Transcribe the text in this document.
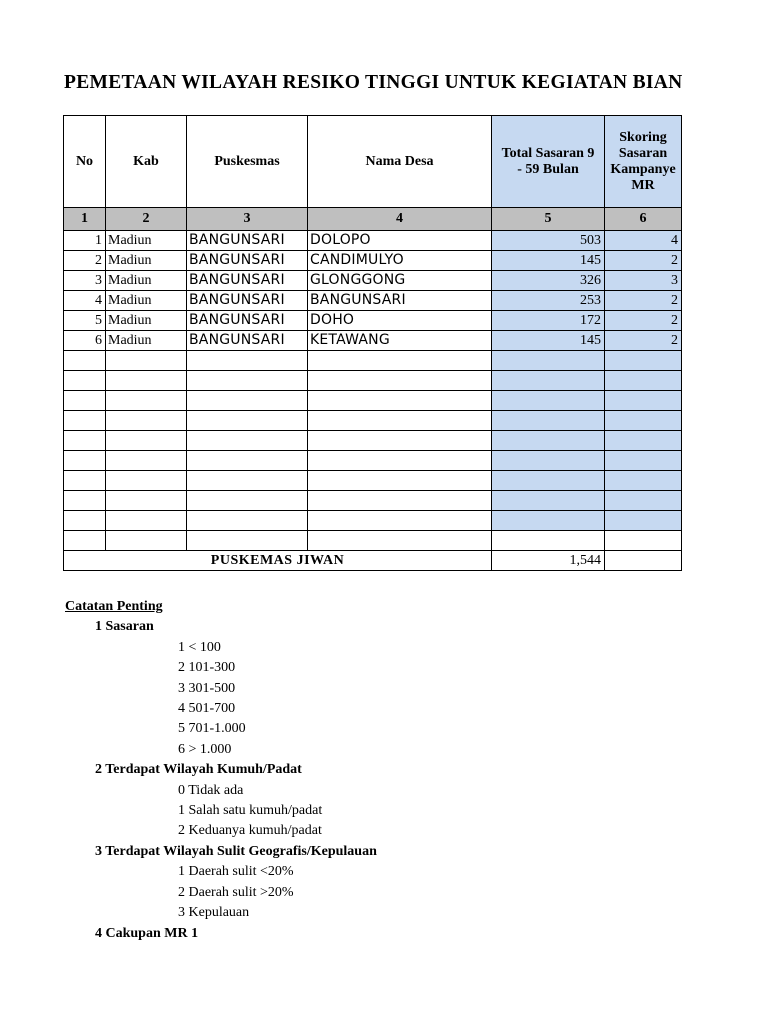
PEMETAAN WILAYAH RESIKO TINGGI UNTUK KEGIATAN BIAN
No	Kab	Puskesmas	Nama Desa	Total Sasaran 9 - 59 Bulan	Skoring Sasaran Kampanye MR
1	2	3	4	5	6
1	Madiun	BANGUNSARI	DOLOPO	503	4
2	Madiun	BANGUNSARI	CANDIMULYO	145	2
3	Madiun	BANGUNSARI	GLONGGONG	326	3
4	Madiun	BANGUNSARI	BANGUNSARI	253	2
5	Madiun	BANGUNSARI	DOHO	172	2
6	Madiun	BANGUNSARI	KETAWANG	145	2

PUSKEMAS JIWAN				1,544	
Catatan Penting
1 Sasaran
1 < 100
2 101-300
3 301-500
4 501-700
5 701-1.000
6 > 1.000
2 Terdapat Wilayah Kumuh/Padat
0 Tidak ada
1 Salah satu kumuh/padat
2 Keduanya kumuh/padat
3 Terdapat Wilayah Sulit Geografis/Kepulauan
1 Daerah sulit <20%
2 Daerah sulit >20%
3 Kepulauan
4 Cakupan MR 1
